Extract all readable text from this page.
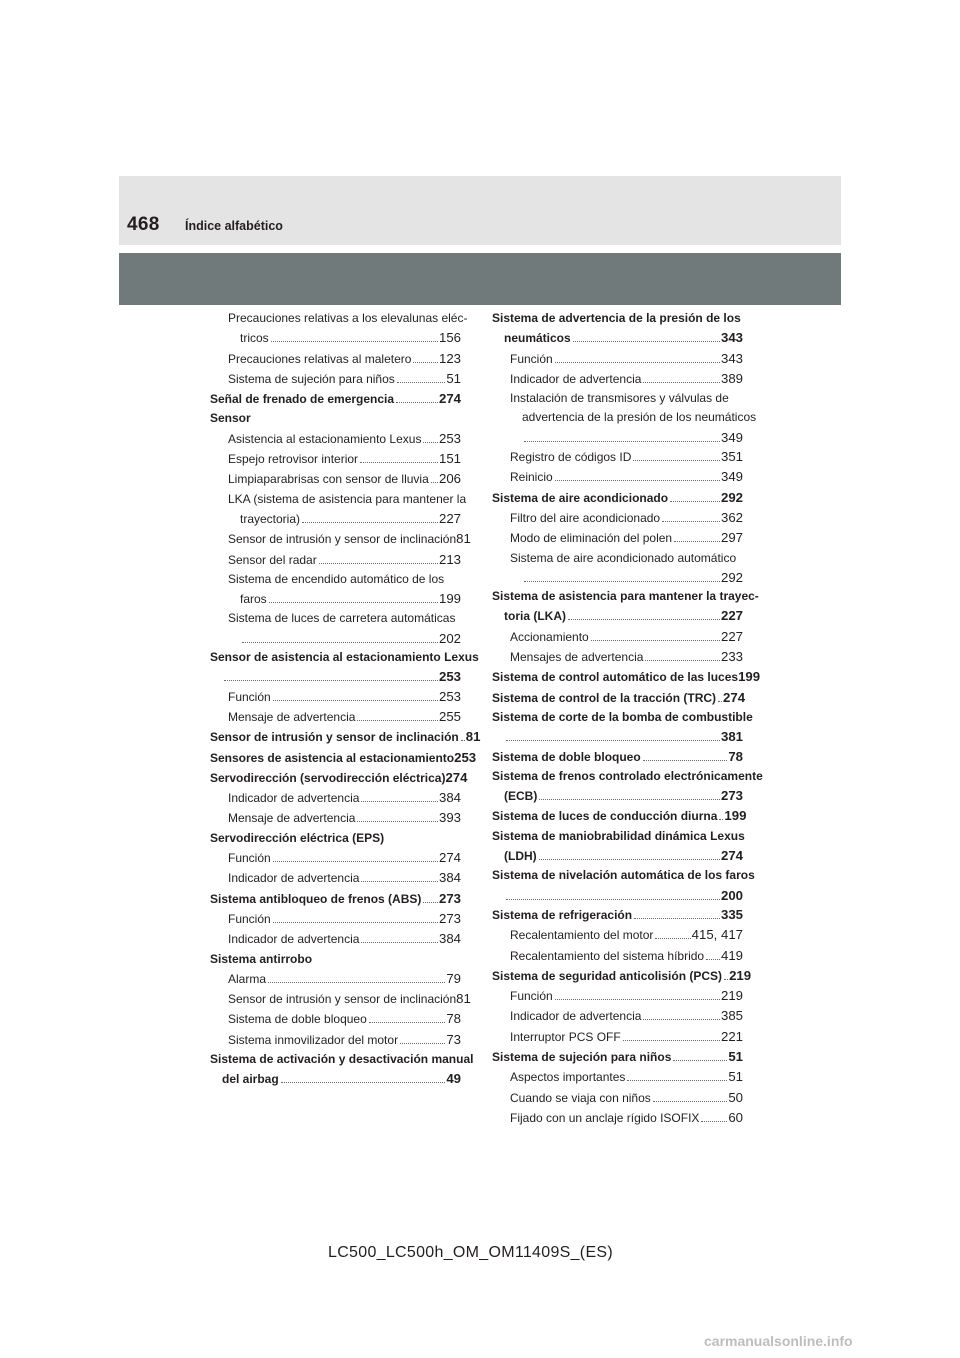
468 Índice alfabético
Precauciones relativas a los elevalunas eléc-
tricos	156
Precauciones relativas al maletero 123
Sistema de sujeción para niños	51
Señal de frenado de emergencia	274
Sensor
Asistencia al estacionamiento Lexus 253
Espejo retrovisor interior	151
Limpiaparabrisas con sensor de lluvia 206
LKA (sistema de asistencia para mantener la
trayectoria)	227
Sensor de intrusión y sensor de inclinación 81
Sensor del radar	213
Sistema de encendido automático de los
faros	199
Sistema de luces de carretera automáticas
202
Sensor de asistencia al estacionamiento Lexus
253
Función	253
Mensaje de advertencia	255
Sensor de intrusión y sensor de inclinación 81
Sensores de asistencia al estacionamiento 253
Servodirección (servodirección eléctrica) 274
Indicador de advertencia	384
Mensaje de advertencia	393
Servodirección eléctrica (EPS)
Función	274
Indicador de advertencia	384
Sistema antibloqueo de frenos (ABS) 273
Función	273
Indicador de advertencia	384
Sistema antirrobo
Alarma	79
Sensor de intrusión y sensor de inclinación 81
Sistema de doble bloqueo	78
Sistema inmovilizador del motor	73
Sistema de activación y desactivación manual
del airbag	49
Sistema de advertencia de la presión de los
neumáticos	343
Función	343
Indicador de advertencia	389
Instalación de transmisores y válvulas de
advertencia de la presión de los neumáticos
349
Registro de códigos ID	351
Reinicio	349
Sistema de aire acondicionado	292
Filtro del aire acondicionado	362
Modo de eliminación del polen	297
Sistema de aire acondicionado automático
292
Sistema de asistencia para mantener la trayec-
toria (LKA)	227
Accionamiento	227
Mensajes de advertencia	233
Sistema de control automático de las luces 199
Sistema de control de la tracción (TRC) 274
Sistema de corte de la bomba de combustible
381
Sistema de doble bloqueo	78
Sistema de frenos controlado electrónicamente
(ECB)	273
Sistema de luces de conducción diurna 199
Sistema de maniobrabilidad dinámica Lexus
(LDH)	274
Sistema de nivelación automática de los faros
200
Sistema de refrigeración	335
Recalentamiento del motor	415, 417
Recalentamiento del sistema híbrido 419
Sistema de seguridad anticolisión (PCS) 219
Función	219
Indicador de advertencia	385
Interruptor PCS OFF	221
Sistema de sujeción para niños	51
Aspectos importantes	51
Cuando se viaja con niños	50
Fijado con un anclaje rígido ISOFIX 60
LC500_LC500h_OM_OM11409S_(ES)
carmanualsonline.info
